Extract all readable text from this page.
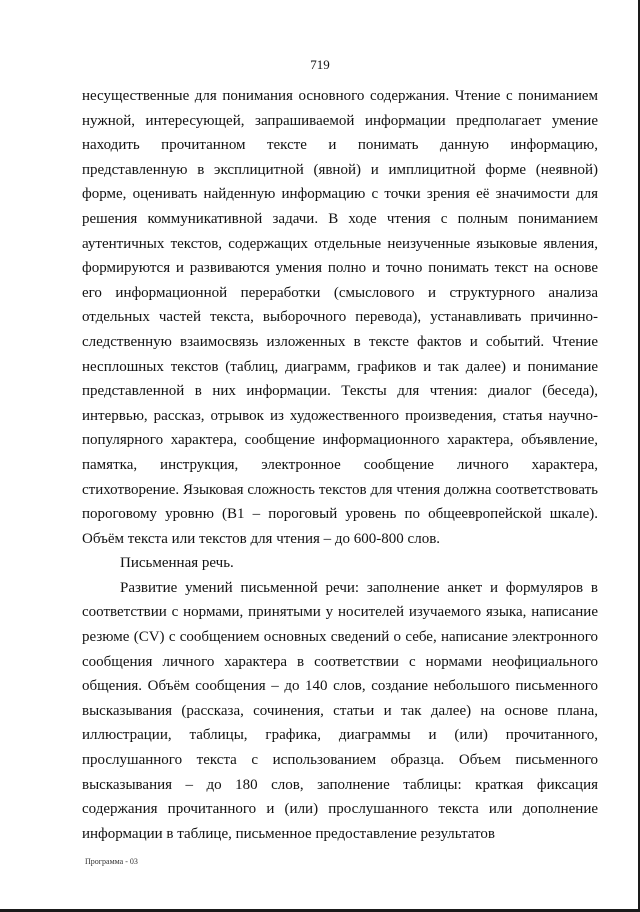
719

несущественные для понимания основного содержания. Чтение с пониманием нужной, интересующей, запрашиваемой информации предполагает умение находить прочитанном тексте и понимать данную информацию, представленную в эксплицитной (явной) и имплицитной форме (неявной) форме, оценивать найденную информацию с точки зрения её значимости для решения коммуникативной задачи. В ходе чтения с полным пониманием аутентичных текстов, содержащих отдельные неизученные языковые явления, формируются и развиваются умения полно и точно понимать текст на основе его информационной переработки (смыслового и структурного анализа отдельных частей текста, выборочного перевода), устанавливать причинно-следственную взаимосвязь изложенных в тексте фактов и событий. Чтение несплошных текстов (таблиц, диаграмм, графиков и так далее) и понимание представленной в них информации. Тексты для чтения: диалог (беседа), интервью, рассказ, отрывок из художественного произведения, статья научно-популярного характера, сообщение информационного характера, объявление, памятка, инструкция, электронное сообщение личного характера, стихотворение. Языковая сложность текстов для чтения должна соответствовать пороговому уровню (B1 – пороговый уровень по общеевропейской шкале). Объём текста или текстов для чтения – до 600-800 слов.

Письменная речь.

Развитие умений письменной речи: заполнение анкет и формуляров в соответствии с нормами, принятыми у носителей изучаемого языка, написание резюме (CV) с сообщением основных сведений о себе, написание электронного сообщения личного характера в соответствии с нормами неофициального общения. Объём сообщения – до 140 слов, создание небольшого письменного высказывания (рассказа, сочинения, статьи и так далее) на основе плана, иллюстрации, таблицы, графика, диаграммы и (или) прочитанного, прослушанного текста с использованием образца. Объем письменного высказывания – до 180 слов, заполнение таблицы: краткая фиксация содержания прочитанного и (или) прослушанного текста или дополнение информации в таблице, письменное предоставление результатов

Программа - 03
